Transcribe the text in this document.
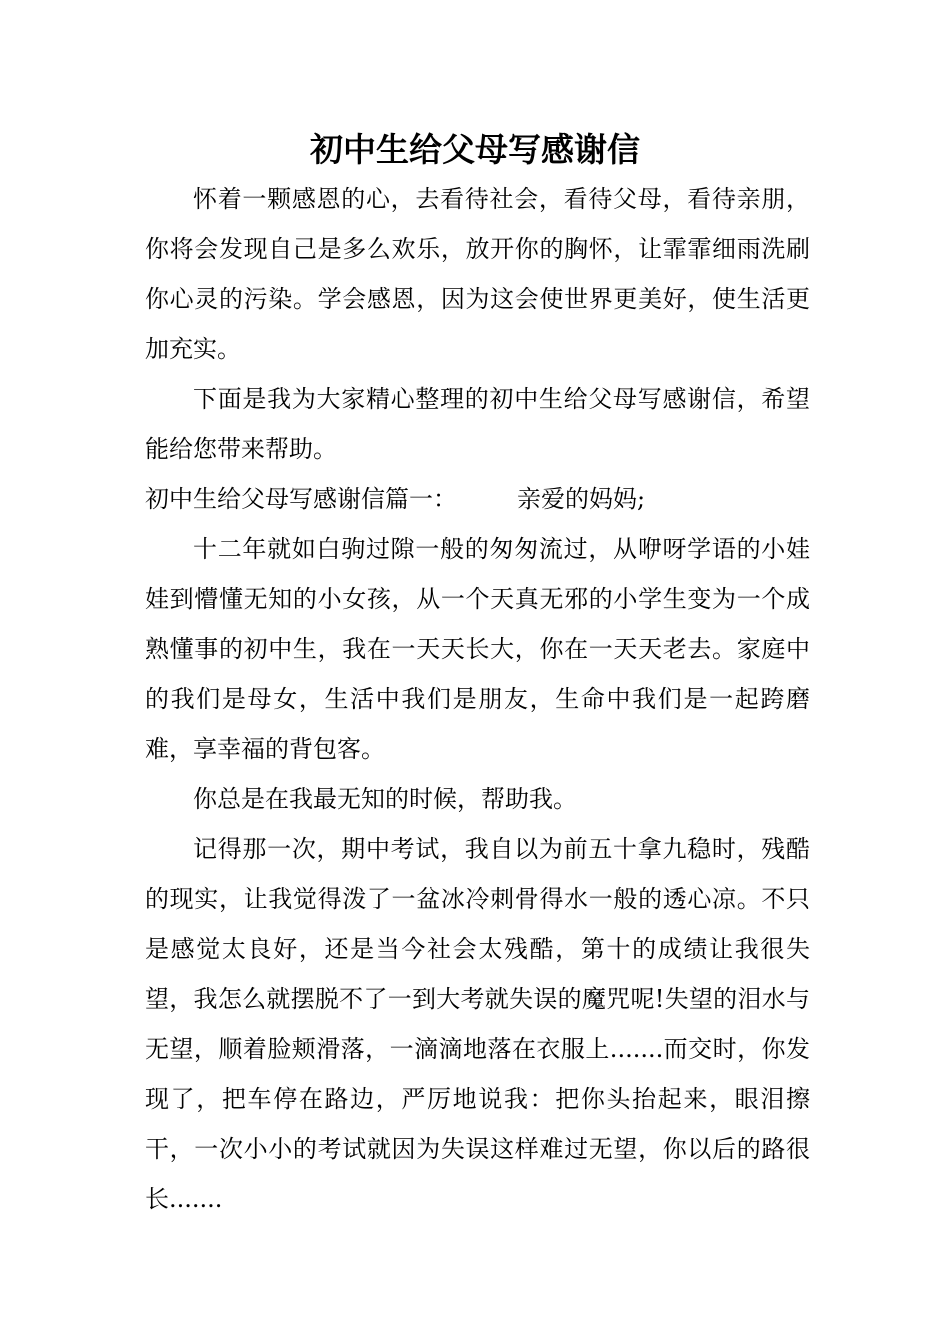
初中生给父母写感谢信

怀着一颗感恩的心，去看待社会，看待父母，看待亲朋，你将会发现自己是多么欢乐，放开你的胸怀，让霏霏细雨洗刷你心灵的污染。学会感恩，因为这会使世界更美好，使生活更加充实。

下面是我为大家精心整理的初中生给父母写感谢信，希望能给您带来帮助。

初中生给父母写感谢信篇一：	亲爱的妈妈;

十二年就如白驹过隙一般的匆匆流过，从咿呀学语的小娃娃到懵懂无知的小女孩，从一个天真无邪的小学生变为一个成熟懂事的初中生，我在一天天长大，你在一天天老去。家庭中的我们是母女，生活中我们是朋友，生命中我们是一起跨磨难，享幸福的背包客。

你总是在我最无知的时候，帮助我。

记得那一次，期中考试，我自以为前五十拿九稳时，残酷的现实，让我觉得泼了一盆冰冷刺骨得水一般的透心凉。不只是感觉太良好，还是当今社会太残酷，第十的成绩让我很失望，我怎么就摆脱不了一到大考就失误的魔咒呢!失望的泪水与无望，顺着脸颊滑落，一滴滴地落在衣服上.......而交时，你发现了，把车停在路边，严厉地说我：把你头抬起来，眼泪擦干，一次小小的考试就因为失误这样难过无望，你以后的路很长.......
